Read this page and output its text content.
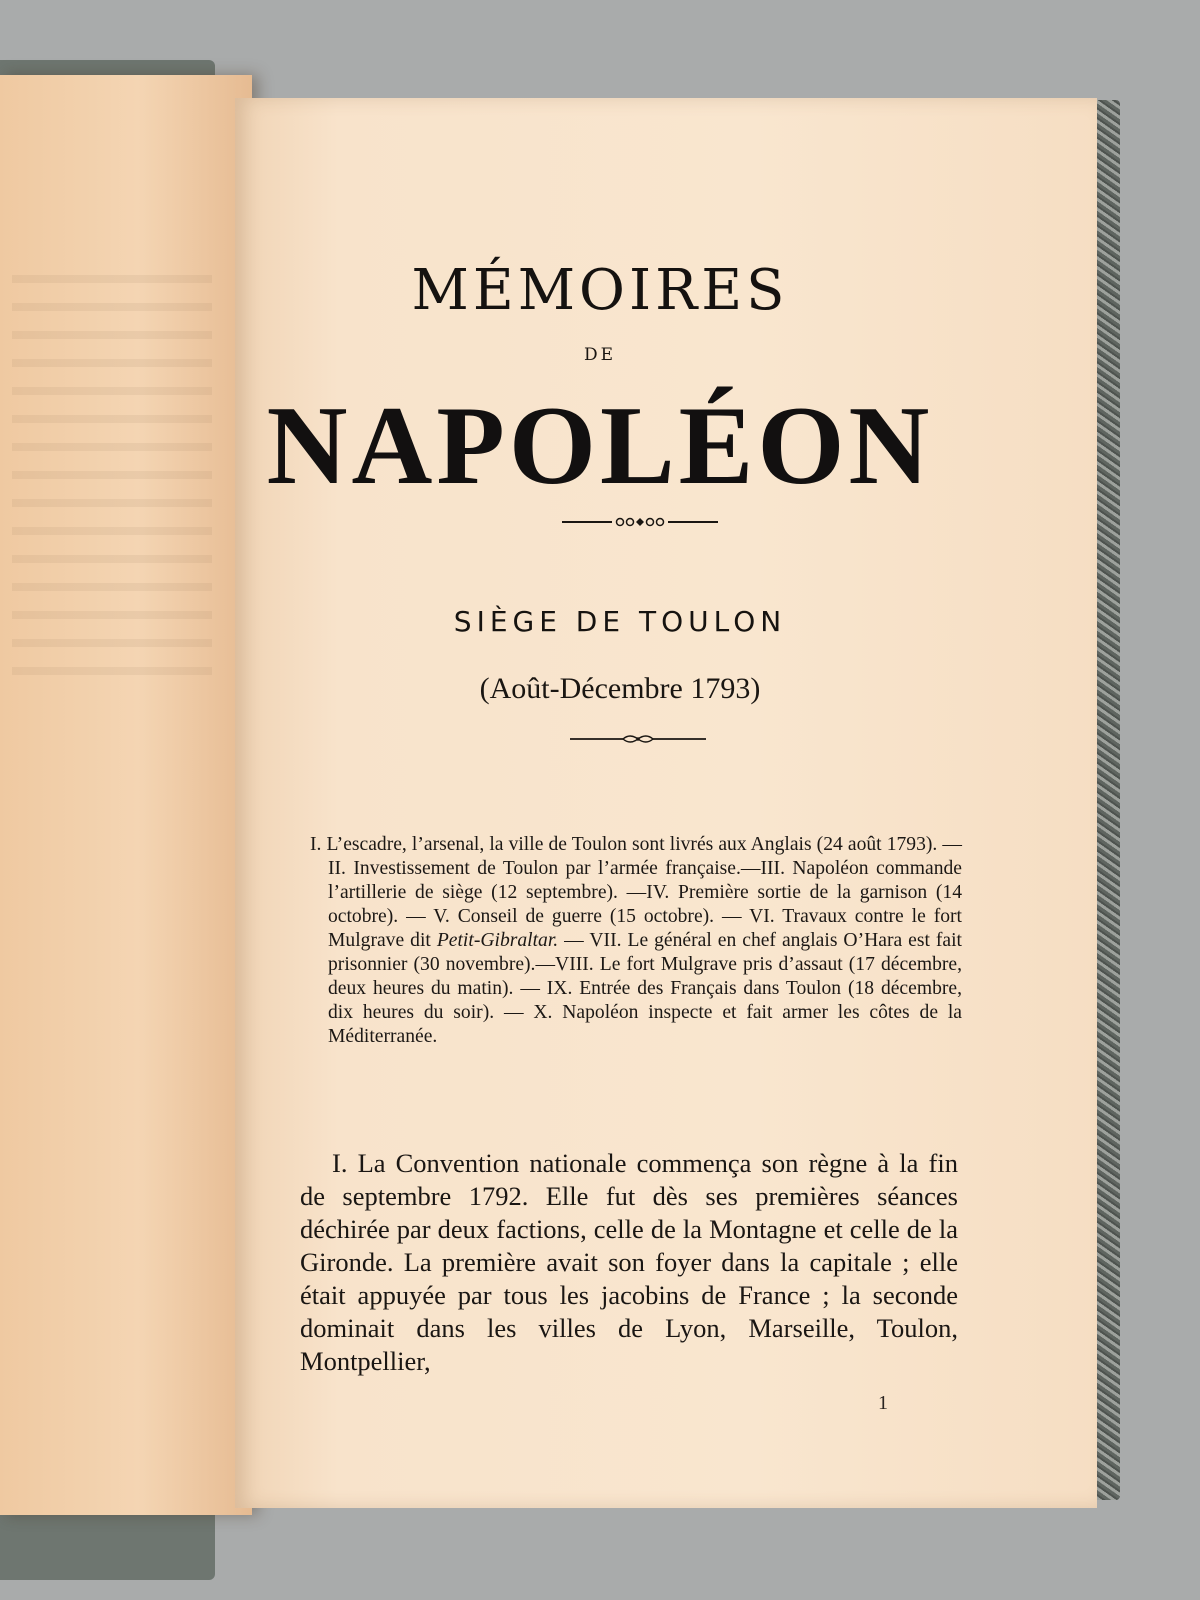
MÉMOIRES
DE
NAPOLÉON
SIÈGE DE TOULON
(Août-Décembre 1793)

I. L’escadre, l’arsenal, la ville de Toulon sont livrés aux Anglais (24 août 1793). — II. Investissement de Toulon par l’armée française.—III. Napoléon commande l’artillerie de siège (12 septembre). —IV. Première sortie de la garnison (14 octobre). — V. Conseil de guerre (15 octobre). — VI. Travaux contre le fort Mulgrave dit Petit-Gibraltar. — VII. Le général en chef anglais O’Hara est fait prisonnier (30 novembre).—VIII. Le fort Mulgrave pris d’assaut (17 décembre, deux heures du matin). — IX. Entrée des Français dans Toulon (18 décembre, dix heures du soir). — X. Napoléon inspecte et fait armer les côtes de la Méditerranée.

I. La Convention nationale commença son règne à la fin de septembre 1792. Elle fut dès ses premières séances déchirée par deux factions, celle de la Montagne et celle de la Gironde. La première avait son foyer dans la capitale ; elle était appuyée par tous les jacobins de France ; la seconde dominait dans les villes de Lyon, Marseille, Toulon, Montpellier,

1
